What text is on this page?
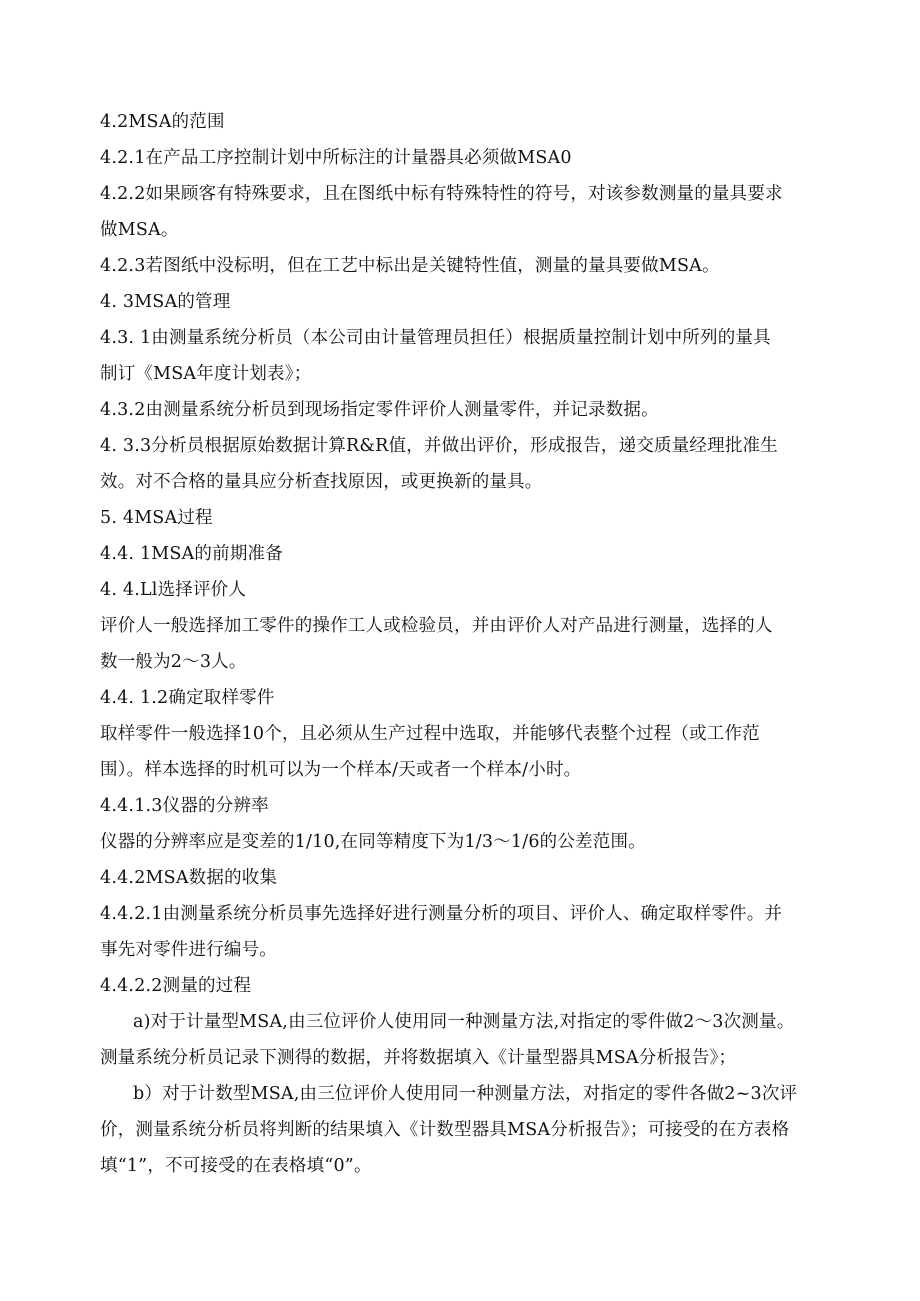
4.2MSA的范围
4.2.1在产品工序控制计划中所标注的计量器具必须做MSA0
4.2.2如果顾客有特殊要求，且在图纸中标有特殊特性的符号，对该参数测量的量具要求
做MSA。
4.2.3若图纸中没标明，但在工艺中标出是关键特性值，测量的量具要做MSA。
4. 3MSA的管理
4.3. 1由测量系统分析员（本公司由计量管理员担任）根据质量控制计划中所列的量具
制订《MSA年度计划表》；
4.3.2由测量系统分析员到现场指定零件评价人测量零件，并记录数据。
4. 3.3分析员根据原始数据计算R&R值，并做出评价，形成报告，递交质量经理批准生
效。对不合格的量具应分析查找原因，或更换新的量具。
5. 4MSA过程
4.4. 1MSA的前期准备
4. 4.Ll选择评价人
评价人一般选择加工零件的操作工人或检验员，并由评价人对产品进行测量，选择的人
数一般为2～3人。
4.4. 1.2确定取样零件
取样零件一般选择10个，且必须从生产过程中选取，并能够代表整个过程（或工作范
围）。样本选择的时机可以为一个样本/天或者一个样本/小时。
4.4.1.3仪器的分辨率
仪器的分辨率应是变差的1/10,在同等精度下为1/3～1/6的公差范围。
4.4.2MSA数据的收集
4.4.2.1由测量系统分析员事先选择好进行测量分析的项目、评价人、确定取样零件。并
事先对零件进行编号。
4.4.2.2测量的过程
a)对于计量型MSA,由三位评价人使用同一种测量方法,对指定的零件做2～3次测量。
测量系统分析员记录下测得的数据，并将数据填入《计量型器具MSA分析报告》；
b）对于计数型MSA,由三位评价人使用同一种测量方法，对指定的零件各做2~3次评
价，测量系统分析员将判断的结果填入《计数型器具MSA分析报告》；可接受的在方表格
填“1”，不可接受的在表格填“0”。
